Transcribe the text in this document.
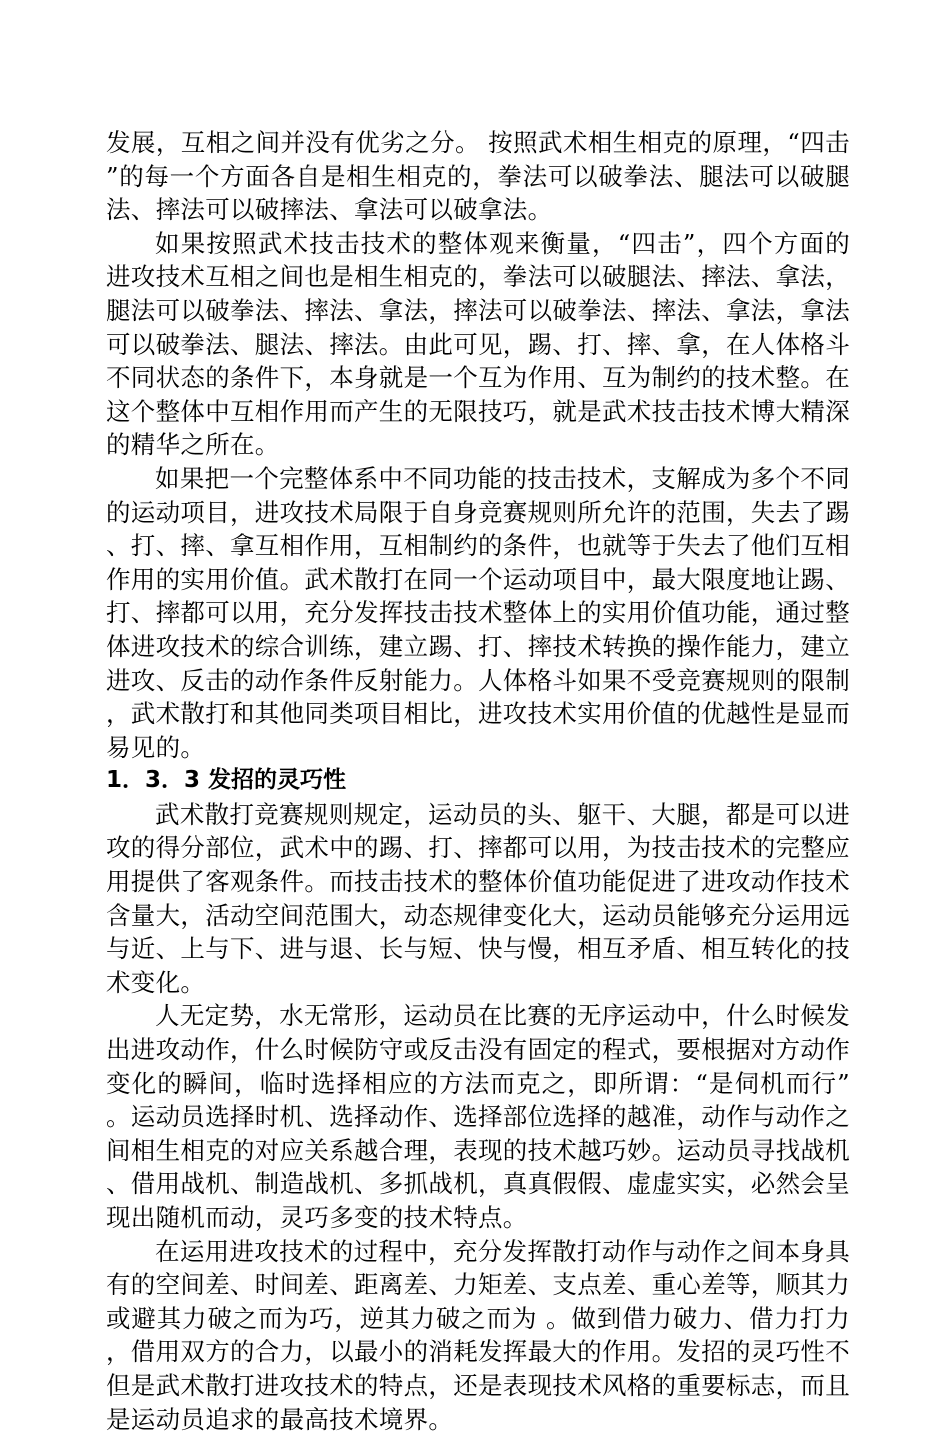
发展，互相之间并没有优劣之分。 按照武术相生相克的原理，“四击”的每一个方面各自是相生相克的，拳法可以破拳法、腿法可以破腿法、摔法可以破摔法、拿法可以破拿法。

如果按照武术技击技术的整体观来衡量，“四击”，四个方面的进攻技术互相之间也是相生相克的，拳法可以破腿法、摔法、拿法，腿法可以破拳法、摔法、拿法，摔法可以破拳法、摔法、拿法，拿法可以破拳法、腿法、摔法。由此可见，踢、打、摔、拿，在人体格斗不同状态的条件下，本身就是一个互为作用、互为制约的技术整。在这个整体中互相作用而产生的无限技巧，就是武术技击技术博大精深的精华之所在。

如果把一个完整体系中不同功能的技击技术，支解成为多个不同的运动项目，进攻技术局限于自身竞赛规则所允许的范围，失去了踢、打、摔、拿互相作用，互相制约的条件，也就等于失去了他们互相作用的实用价值。武术散打在同一个运动项目中，最大限度地让踢、打、摔都可以用，充分发挥技击技术整体上的实用价值功能，通过整体进攻技术的综合训练，建立踢、打、摔技术转换的操作能力，建立进攻、反击的动作条件反射能力。人体格斗如果不受竞赛规则的限制，武术散打和其他同类项目相比，进攻技术实用价值的优越性是显而易见的。

1．3．3 发招的灵巧性

武术散打竞赛规则规定，运动员的头、躯干、大腿，都是可以进攻的得分部位，武术中的踢、打、摔都可以用，为技击技术的完整应用提供了客观条件。而技击技术的整体价值功能促进了进攻动作技术含量大，活动空间范围大，动态规律变化大，运动员能够充分运用远与近、上与下、进与退、长与短、快与慢，相互矛盾、相互转化的技术变化。

人无定势，水无常形，运动员在比赛的无序运动中，什么时候发出进攻动作，什么时候防守或反击没有固定的程式，要根据对方动作变化的瞬间，临时选择相应的方法而克之，即所谓：“是伺机而行”。运动员选择时机、选择动作、选择部位选择的越准，动作与动作之间相生相克的对应关系越合理，表现的技术越巧妙。运动员寻找战机、借用战机、制造战机、多抓战机，真真假假、虚虚实实，必然会呈现出随机而动，灵巧多变的技术特点。

在运用进攻技术的过程中，充分发挥散打动作与动作之间本身具有的空间差、时间差、距离差、力矩差、支点差、重心差等，顺其力或避其力破之而为巧，逆其力破之而为 。做到借力破力、借力打力，借用双方的合力，以最小的消耗发挥最大的作用。发招的灵巧性不但是武术散打进攻技术的特点，还是表现技术风格的重要标志，而且是运动员追求的最高技术境界。
